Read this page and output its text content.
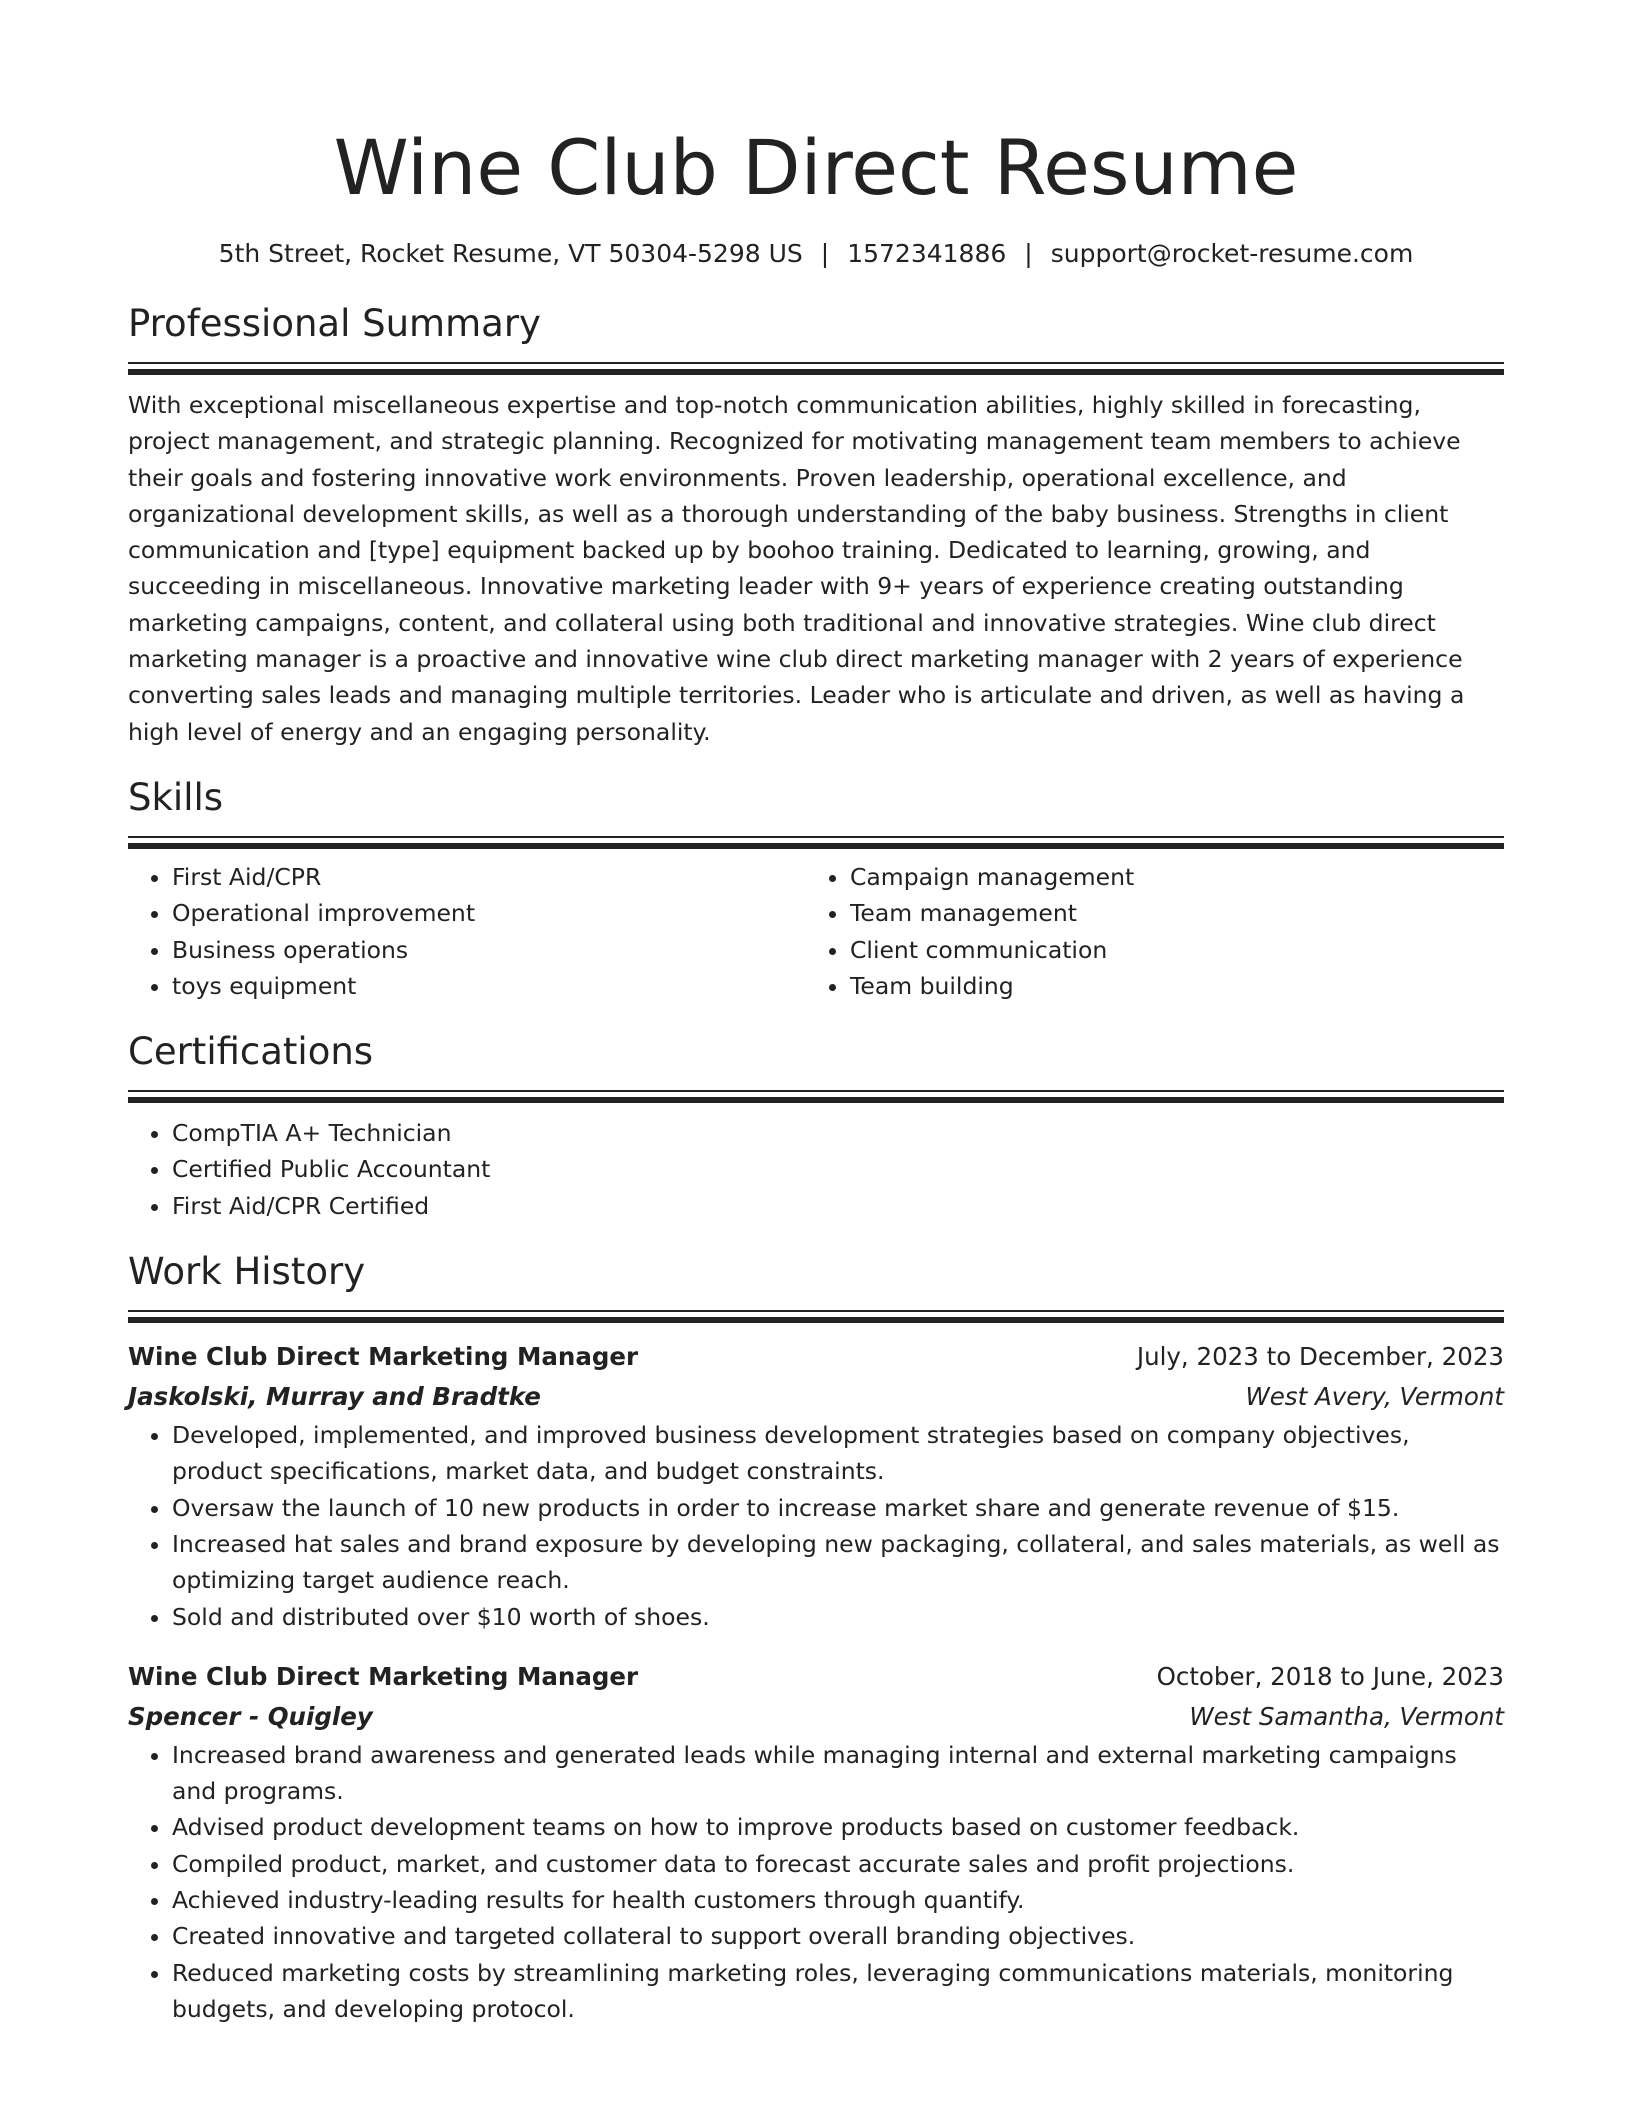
Wine Club Direct Resume
5th Street, Rocket Resume, VT 50304-5298 US | 1572341886 | support@rocket-resume.com
Professional Summary
With exceptional miscellaneous expertise and top-notch communication abilities, highly skilled in forecasting, project management, and strategic planning. Recognized for motivating management team members to achieve their goals and fostering innovative work environments. Proven leadership, operational excellence, and organizational development skills, as well as a thorough understanding of the baby business. Strengths in client communication and [type] equipment backed up by boohoo training. Dedicated to learning, growing, and succeeding in miscellaneous. Innovative marketing leader with 9+ years of experience creating outstanding marketing campaigns, content, and collateral using both traditional and innovative strategies. Wine club direct marketing manager is a proactive and innovative wine club direct marketing manager with 2 years of experience converting sales leads and managing multiple territories. Leader who is articulate and driven, as well as having a high level of energy and an engaging personality.
Skills
• First Aid/CPR
• Operational improvement
• Business operations
• toys equipment
• Campaign management
• Team management
• Client communication
• Team building
Certifications
• CompTIA A+ Technician
• Certified Public Accountant
• First Aid/CPR Certified
Work History
Wine Club Direct Marketing Manager	July, 2023 to December, 2023
Jaskolski, Murray and Bradtke	West Avery, Vermont
• Developed, implemented, and improved business development strategies based on company objectives, product specifications, market data, and budget constraints.
• Oversaw the launch of 10 new products in order to increase market share and generate revenue of $15.
• Increased hat sales and brand exposure by developing new packaging, collateral, and sales materials, as well as optimizing target audience reach.
• Sold and distributed over $10 worth of shoes.
Wine Club Direct Marketing Manager	October, 2018 to June, 2023
Spencer - Quigley	West Samantha, Vermont
• Increased brand awareness and generated leads while managing internal and external marketing campaigns and programs.
• Advised product development teams on how to improve products based on customer feedback.
• Compiled product, market, and customer data to forecast accurate sales and profit projections.
• Achieved industry-leading results for health customers through quantify.
• Created innovative and targeted collateral to support overall branding objectives.
• Reduced marketing costs by streamlining marketing roles, leveraging communications materials, monitoring budgets, and developing protocol.
